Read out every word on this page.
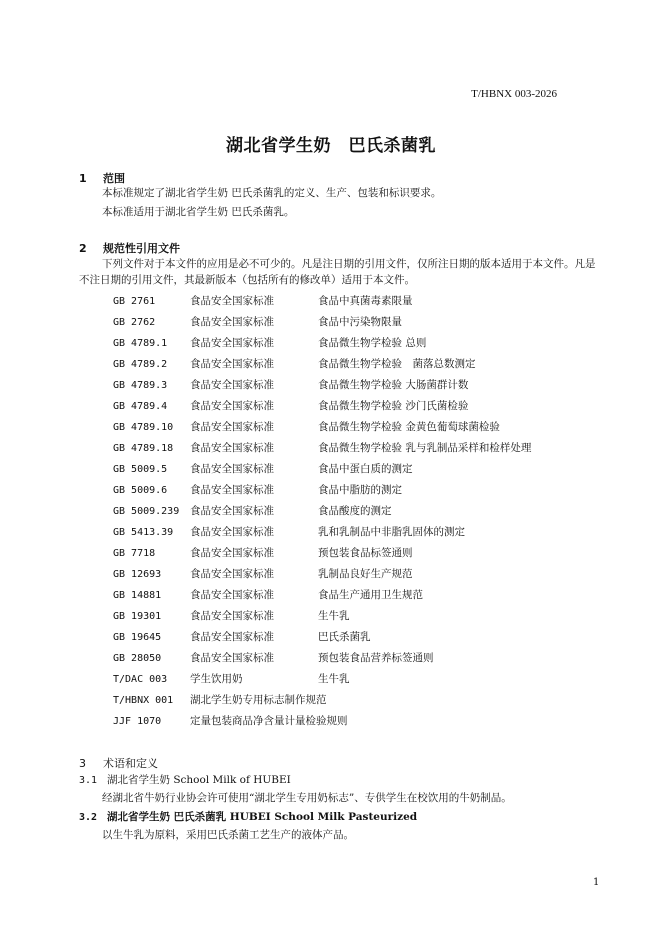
T/HBNX 003-2026
湖北省学生奶　巴氏杀菌乳
1 范围
本标准规定了湖北省学生奶 巴氏杀菌乳的定义、生产、包装和标识要求。
本标准适用于湖北省学生奶 巴氏杀菌乳。
2 规范性引用文件
下列文件对于本文件的应用是必不可少的。凡是注日期的引用文件，仅所注日期的版本适用于本文件。凡是不注日期的引用文件，其最新版本（包括所有的修改单）适用于本文件。
GB 2761	食品安全国家标准	食品中真菌毒素限量
GB 2762	食品安全国家标准	食品中污染物限量
GB 4789.1 食品安全国家标准	食品微生物学检验 总则
GB 4789.2 食品安全国家标准	食品微生物学检验　菌落总数测定
GB 4789.3 食品安全国家标准	食品微生物学检验 大肠菌群计数
GB 4789.4 食品安全国家标准	食品微生物学检验 沙门氏菌检验
GB 4789.10 食品安全国家标准	食品微生物学检验 金黄色葡萄球菌检验
GB 4789.18 食品安全国家标准	食品微生物学检验 乳与乳制品采样和检样处理
GB 5009.5 食品安全国家标准	食品中蛋白质的测定
GB 5009.6 食品安全国家标准	食品中脂肪的测定
GB 5009.239 食品安全国家标准	食品酸度的测定
GB 5413.39 食品安全国家标准	乳和乳制品中非脂乳固体的测定
GB 7718	食品安全国家标准	预包装食品标签通则
GB 12693	食品安全国家标准	乳制品良好生产规范
GB 14881	食品安全国家标准	食品生产通用卫生规范
GB 19301	食品安全国家标准	生牛乳
GB 19645	食品安全国家标准	巴氏杀菌乳
GB 28050	食品安全国家标准	预包装食品营养标签通则
T/DAC 003 学生饮用奶	生牛乳
T/HBNX 001 湖北学生奶专用标志制作规范
JJF 1070	定量包装商品净含量计量检验规则
3 术语和定义
3.1 湖北省学生奶 School Milk of HUBEI
经湖北省牛奶行业协会许可使用“湖北学生专用奶标志”、专供学生在校饮用的牛奶制品。
3.2 湖北省学生奶 巴氏杀菌乳 HUBEI School Milk Pasteurized
以生牛乳为原料，采用巴氏杀菌工艺生产的液体产品。
1
